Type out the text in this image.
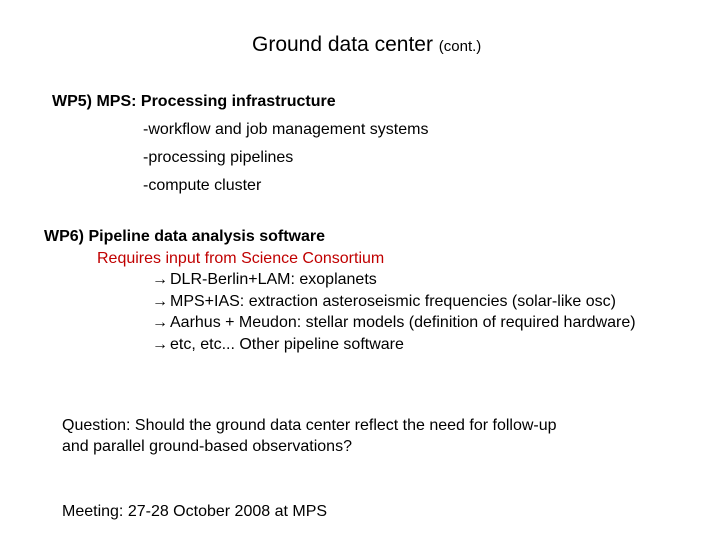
Ground data center (cont.)
WP5) MPS: Processing infrastructure
-workflow and job management systems
-processing pipelines
-compute cluster
WP6) Pipeline data analysis software
Requires input from Science Consortium
→ DLR-Berlin+LAM: exoplanets
→ MPS+IAS: extraction asteroseismic frequencies (solar-like osc)
→ Aarhus + Meudon: stellar models (definition of required hardware)
→ etc, etc... Other pipeline software
Question: Should the ground data center reflect the need for follow-up
and parallel ground-based observations?
Meeting: 27-28 October 2008 at MPS
